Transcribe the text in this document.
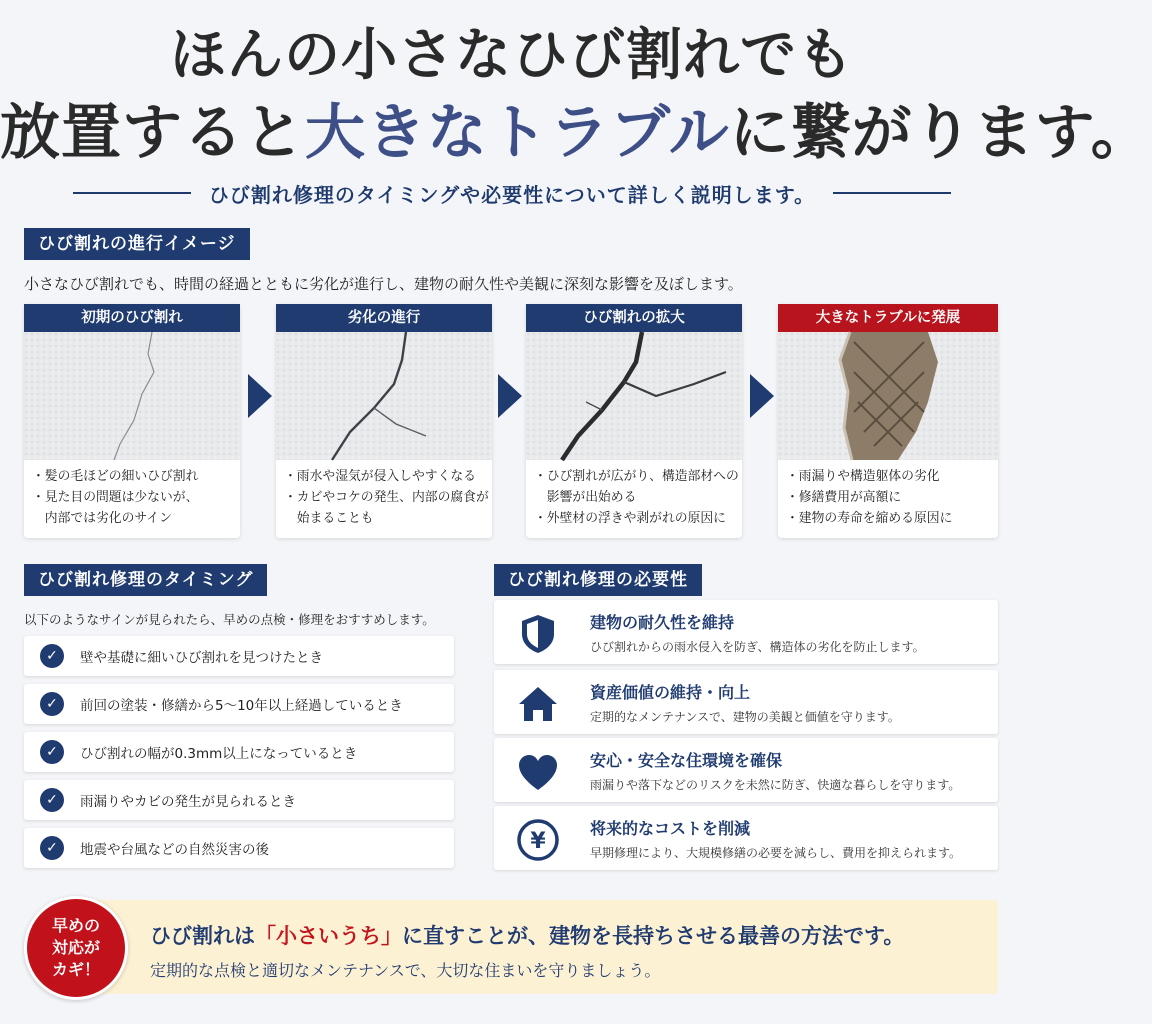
ほんの小さなひび割れでも
放置すると大きなトラブルに繋がります。
ひび割れ修理のタイミングや必要性について詳しく説明します。
ひび割れの進行イメージ
小さなひび割れでも、時間の経過とともに劣化が進行し、建物の耐久性や美観に深刻な影響を及ぼします。
初期のひび割れ
・髪の毛ほどの細いひび割れ
・見た目の問題は少ないが、
　内部では劣化のサイン
劣化の進行
・雨水や湿気が侵入しやすくなる
・カビやコケの発生、内部の腐食が
　始まることも
ひび割れの拡大
・ひび割れが広がり、構造部材への
　影響が出始める
・外壁材の浮きや剥がれの原因に
大きなトラブルに発展
・雨漏りや構造躯体の劣化
・修繕費用が高額に
・建物の寿命を縮める原因に
ひび割れ修理のタイミング
以下のようなサインが見られたら、早めの点検・修理をおすすめします。
✓	壁や基礎に細いひび割れを見つけたとき
✓	前回の塗装・修繕から5〜10年以上経過しているとき
✓	ひび割れの幅が0.3mm以上になっているとき
✓	雨漏りやカビの発生が見られるとき
✓	地震や台風などの自然災害の後
ひび割れ修理の必要性
建物の耐久性を維持
ひび割れからの雨水侵入を防ぎ、構造体の劣化を防止します。
資産価値の維持・向上
定期的なメンテナンスで、建物の美観と価値を守ります。
安心・安全な住環境を確保
雨漏りや落下などのリスクを未然に防ぎ、快適な暮らしを守ります。
¥
将来的なコストを削減
早期修理により、大規模修繕の必要を減らし、費用を抑えられます。
ひび割れは「小さいうち」に直すことが、建物を長持ちさせる最善の方法です。
定期的な点検と適切なメンテナンスで、大切な住まいを守りましょう。
早めの
対応が
カギ！
